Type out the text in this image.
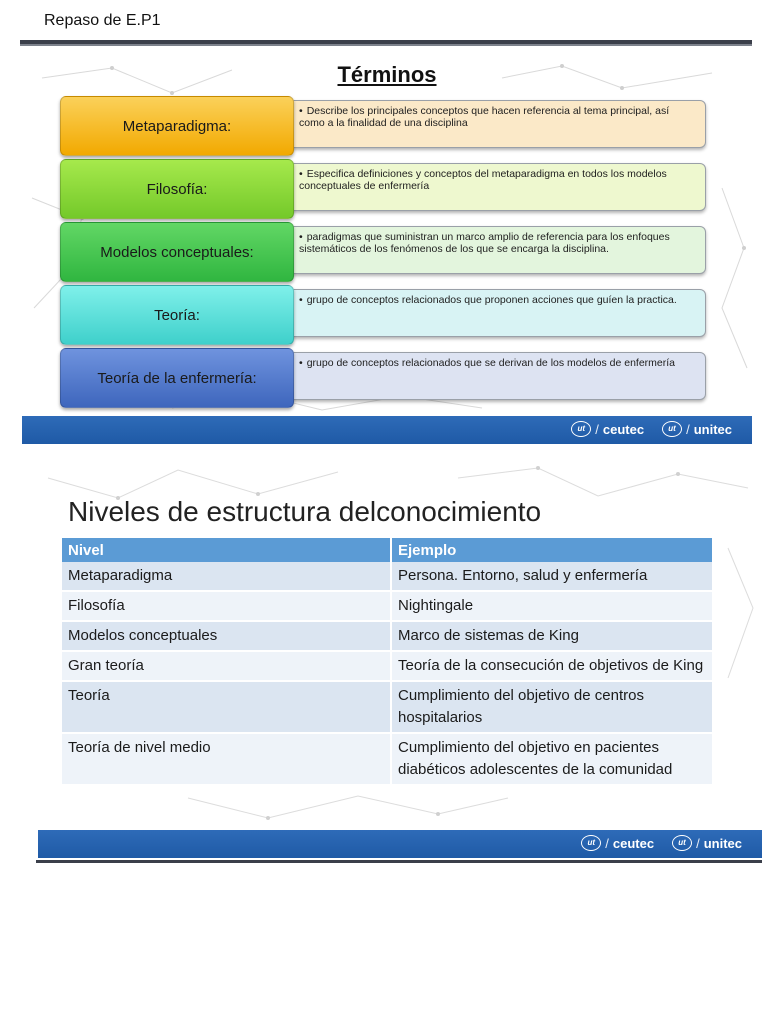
Repaso de E.P1
Términos
Metaparadigma:
• Describe los principales conceptos que hacen referencia al tema principal, así como a la finalidad de una disciplina
Filosofía:
• Especifica definiciones y conceptos del metaparadigma en todos los modelos conceptuales de enfermería
Modelos conceptuales:
• paradigmas que suministran un marco amplio de referencia para los enfoques sistemáticos de los fenómenos de los que se encarga la disciplina.
Teoría:
• grupo de conceptos relacionados que proponen acciones que guíen la practica.
Teoría de la enfermería:
• grupo de conceptos relacionados que se derivan de los modelos de enfermería
ut / ceutec	ut / unitec
Niveles de estructura delconocimiento
Nivel	Ejemplo
Metaparadigma	Persona. Entorno, salud y enfermería
Filosofía	Nightingale
Modelos conceptuales	Marco de sistemas de King
Gran teoría	Teoría de la consecución de objetivos de King
Teoría	Cumplimiento del objetivo de centros hospitalarios
Teoría de nivel medio	Cumplimiento del objetivo en pacientes diabéticos adolescentes de la comunidad
ut / ceutec	ut / unitec
